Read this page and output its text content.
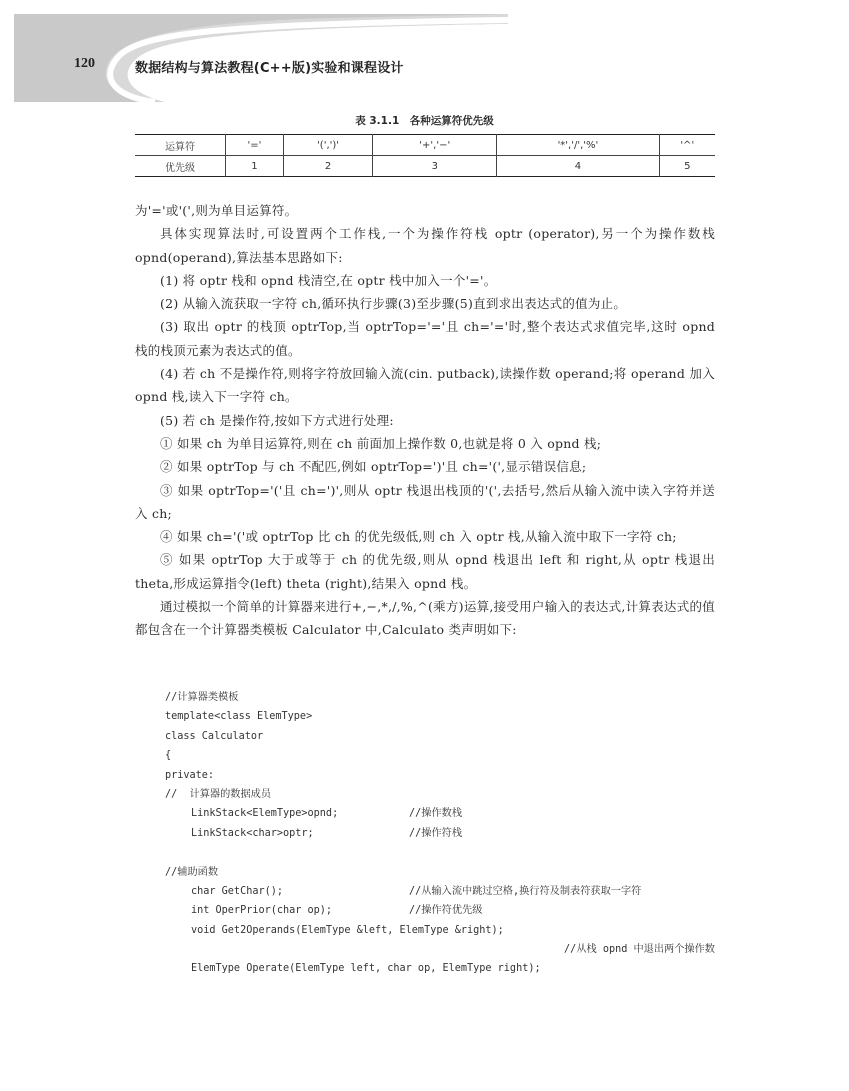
120	数据结构与算法教程(C++版)实验和课程设计
表 3.1.1　各种运算符优先级
运算符	'='	'(',')'	'+','−'	'*','/','%'	'^'
优先级	1	2	3	4	5

为'='或'(',则为单目运算符。

具体实现算法时,可设置两个工作栈,一个为操作符栈 optr (operator),另一个为操作数栈 opnd(operand),算法基本思路如下:

(1) 将 optr 栈和 opnd 栈清空,在 optr 栈中加入一个'='。

(2) 从输入流获取一字符 ch,循环执行步骤(3)至步骤(5)直到求出表达式的值为止。

(3) 取出 optr 的栈顶 optrTop,当 optrTop='='且 ch='='时,整个表达式求值完毕,这时 opnd 栈的栈顶元素为表达式的值。

(4) 若 ch 不是操作符,则将字符放回输入流(cin. putback),读操作数 operand;将 operand 加入 opnd 栈,读入下一字符 ch。

(5) 若 ch 是操作符,按如下方式进行处理:

① 如果 ch 为单目运算符,则在 ch 前面加上操作数 0,也就是将 0 入 opnd 栈;

② 如果 optrTop 与 ch 不配匹,例如 optrTop=')'且 ch='(',显示错误信息;

③ 如果 optrTop='('且 ch=')',则从 optr 栈退出栈顶的'(',去括号,然后从输入流中读入字符并送入 ch;

④ 如果 ch='('或 optrTop 比 ch 的优先级低,则 ch 入 optr 栈,从输入流中取下一字符 ch;

⑤ 如果 optrTop 大于或等于 ch 的优先级,则从 opnd 栈退出 left 和 right,从 optr 栈退出 theta,形成运算指令(left) theta (right),结果入 opnd 栈。

通过模拟一个简单的计算器来进行+,−,*,/,%,^(乘方)运算,接受用户输入的表达式,计算表达式的值都包含在一个计算器类模板 Calculator 中,Calculato 类声明如下:

//计算器类模板
template<class ElemType>
class Calculator
{
private:
//  计算器的数据成员
LinkStack<ElemType>opnd;	//操作数栈
LinkStack<char>optr;	//操作符栈
//辅助函数
char GetChar();	//从输入流中跳过空格,换行符及制表符获取一字符
int OperPrior(char op);	//操作符优先级
void Get2Operands(ElemType &left, ElemType &right);
//从栈 opnd 中退出两个操作数
ElemType Operate(ElemType left, char op, ElemType right);
